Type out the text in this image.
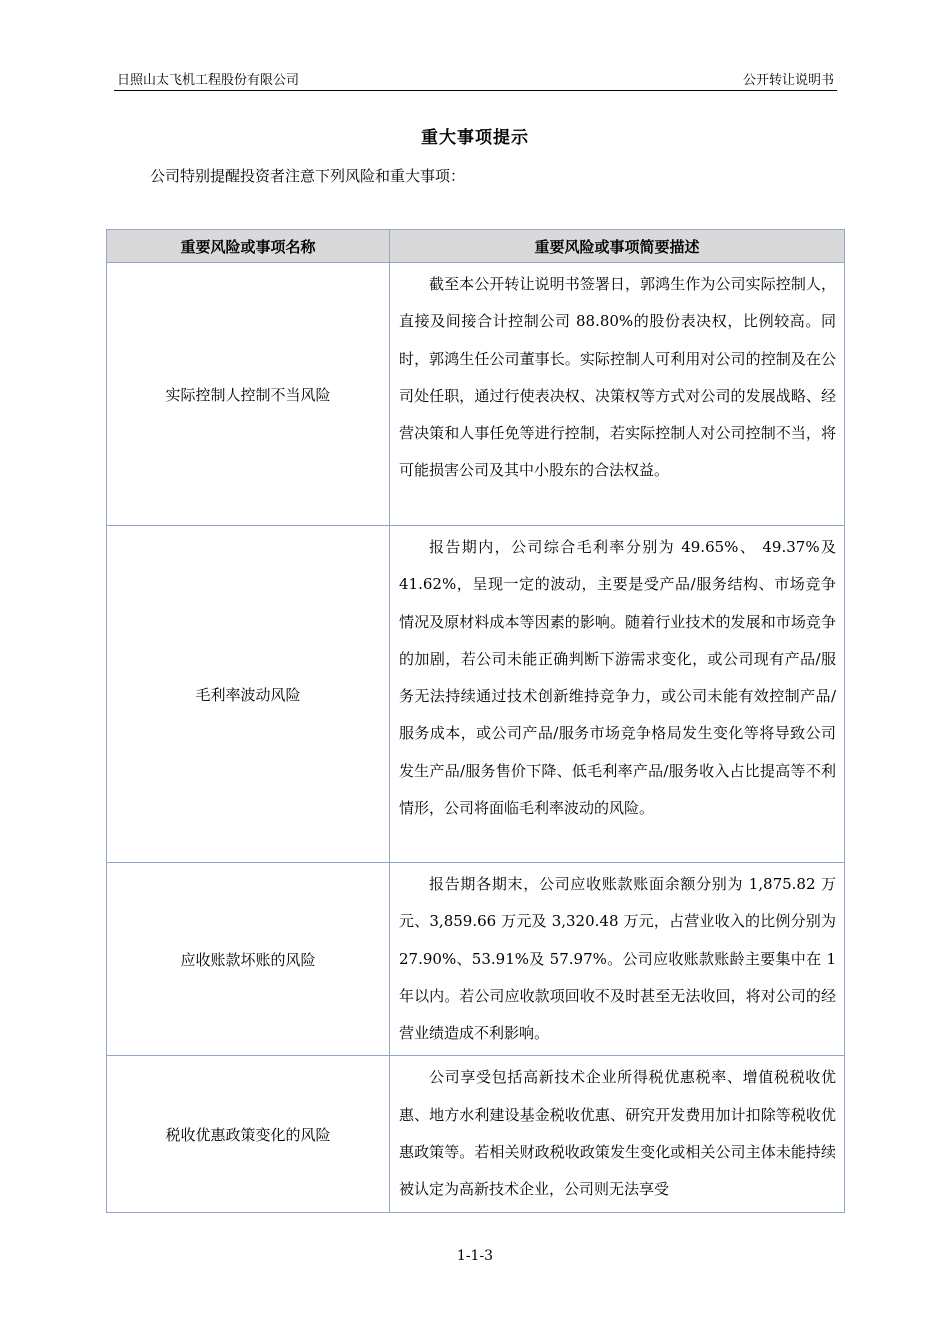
日照山太飞机工程股份有限公司	公开转让说明书
重大事项提示
公司特别提醒投资者注意下列风险和重大事项：
重要风险或事项名称	重要风险或事项简要描述
实际控制人控制不当风险	截至本公开转让说明书签署日，郭鸿生作为公司实际控制人，直接及间接合计控制公司 88.80%的股份表决权，比例较高。同时，郭鸿生任公司董事长。实际控制人可利用对公司的控制及在公司处任职，通过行使表决权、决策权等方式对公司的发展战略、经营决策和人事任免等进行控制，若实际控制人对公司控制不当，将可能损害公司及其中小股东的合法权益。
毛利率波动风险	报告期内，公司综合毛利率分别为 49.65%、 49.37%及 41.62%，呈现一定的波动，主要是受产品/服务结构、市场竞争情况及原材料成本等因素的影响。随着行业技术的发展和市场竞争的加剧，若公司未能正确判断下游需求变化，或公司现有产品/服务无法持续通过技术创新维持竞争力，或公司未能有效控制产品/服务成本，或公司产品/服务市场竞争格局发生变化等将导致公司发生产品/服务售价下降、低毛利率产品/服务收入占比提高等不利情形，公司将面临毛利率波动的风险。
应收账款坏账的风险	报告期各期末，公司应收账款账面余额分别为 1,875.82 万元、3,859.66 万元及 3,320.48 万元，占营业收入的比例分别为 27.90%、53.91%及 57.97%。公司应收账款账龄主要集中在 1 年以内。若公司应收款项回收不及时甚至无法收回，将对公司的经营业绩造成不利影响。
税收优惠政策变化的风险	公司享受包括高新技术企业所得税优惠税率、增值税税收优惠、地方水利建设基金税收优惠、研究开发费用加计扣除等税收优惠政策等。若相关财政税收政策发生变化或相关公司主体未能持续被认定为高新技术企业，公司则无法享受
1-1-3
